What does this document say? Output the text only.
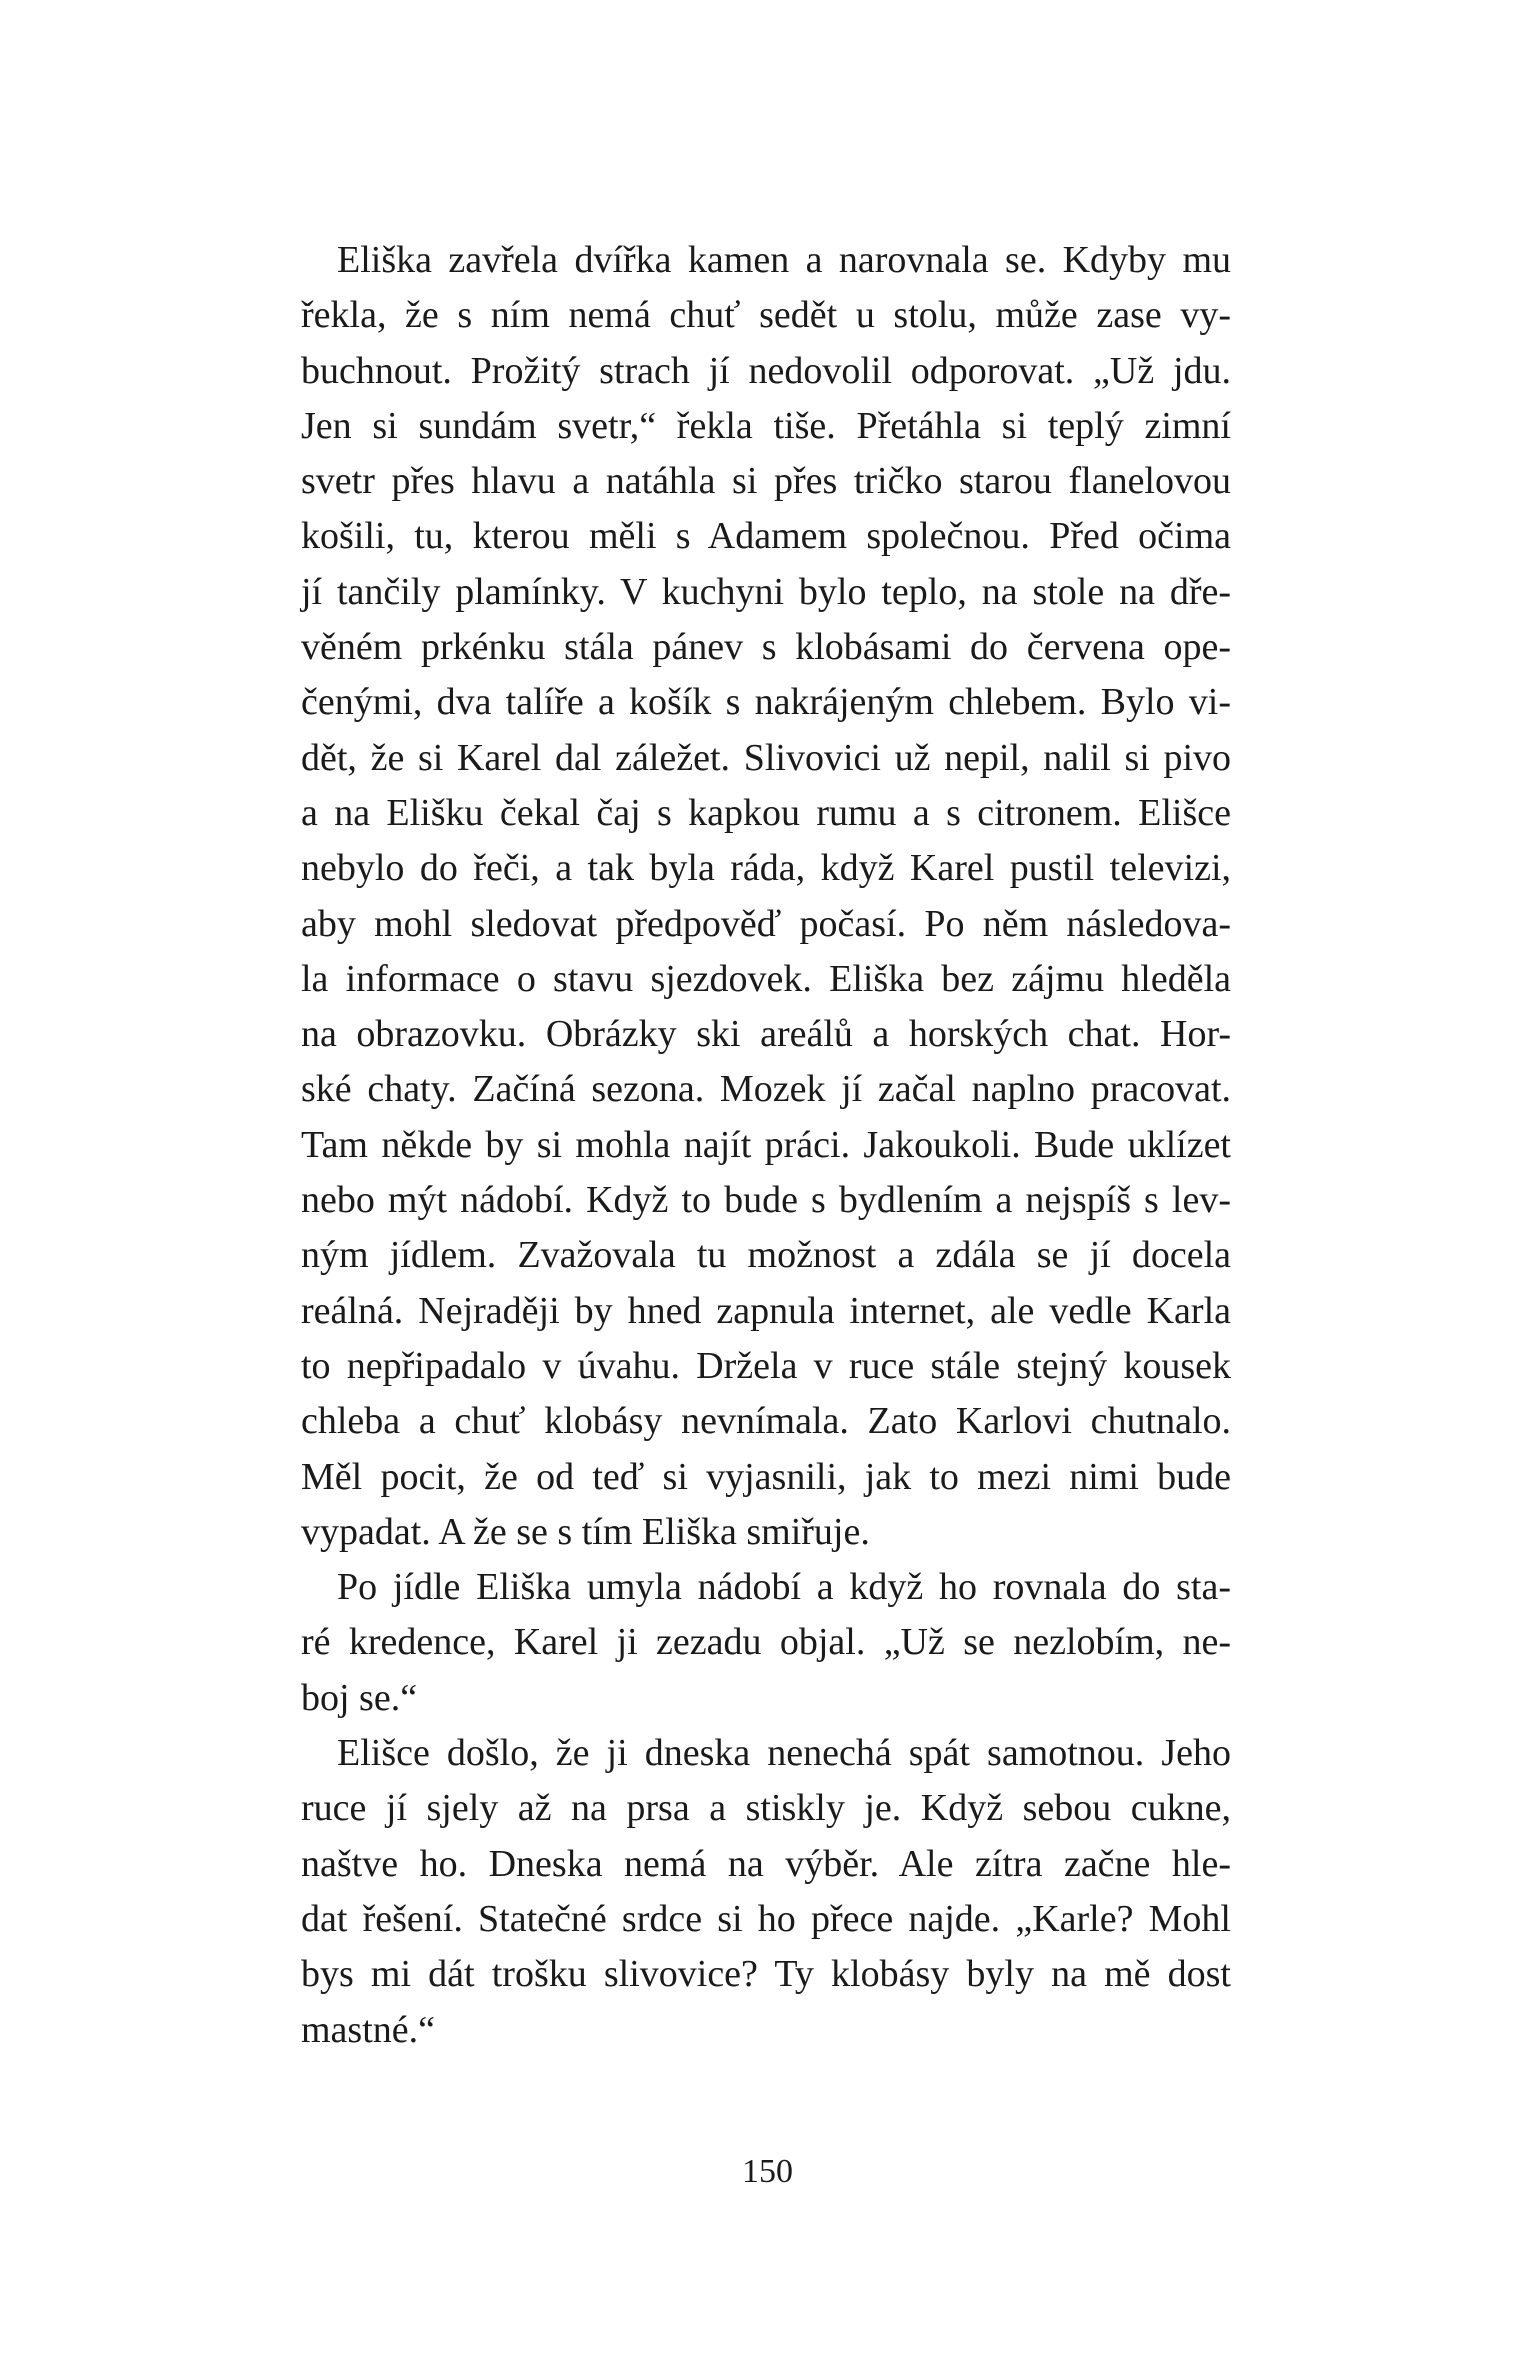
Eliška zavřela dvířka kamen a narovnala se. Kdyby mu
řekla, že s ním nemá chuť sedět u stolu, může zase vy-
buchnout. Prožitý strach jí nedovolil odporovat. „Už jdu.
Jen si sundám svetr,“ řekla tiše. Přetáhla si teplý zimní
svetr přes hlavu a natáhla si přes tričko starou flanelovou
košili, tu, kterou měli s Adamem společnou. Před očima
jí tančily plamínky. V kuchyni bylo teplo, na stole na dře-
věném prkénku stála pánev s klobásami do červena ope-
čenými, dva talíře a košík s nakrájeným chlebem. Bylo vi-
dět, že si Karel dal záležet. Slivovici už nepil, nalil si pivo
a na Elišku čekal čaj s kapkou rumu a s citronem. Elišce
nebylo do řeči, a tak byla ráda, když Karel pustil televizi,
aby mohl sledovat předpověď počasí. Po něm následova-
la informace o stavu sjezdovek. Eliška bez zájmu hleděla
na obrazovku. Obrázky ski areálů a horských chat. Hor-
ské chaty. Začíná sezona. Mozek jí začal naplno pracovat.
Tam někde by si mohla najít práci. Jakoukoli. Bude uklízet
nebo mýt nádobí. Když to bude s bydlením a nejspíš s lev-
ným jídlem. Zvažovala tu možnost a zdála se jí docela
reálná. Nejraději by hned zapnula internet, ale vedle Karla
to nepřipadalo v úvahu. Držela v ruce stále stejný kousek
chleba a chuť klobásy nevnímala. Zato Karlovi chutnalo.
Měl pocit, že od teď si vyjasnili, jak to mezi nimi bude
vypadat. A že se s tím Eliška smiřuje.
Po jídle Eliška umyla nádobí a když ho rovnala do sta-
ré kredence, Karel ji zezadu objal. „Už se nezlobím, ne-
boj se.“
Elišce došlo, že ji dneska nenechá spát samotnou. Jeho
ruce jí sjely až na prsa a stiskly je. Když sebou cukne,
naštve ho. Dneska nemá na výběr. Ale zítra začne hle-
dat řešení. Statečné srdce si ho přece najde. „Karle? Mohl
bys mi dát trošku slivovice? Ty klobásy byly na mě dost
mastné.“
150
